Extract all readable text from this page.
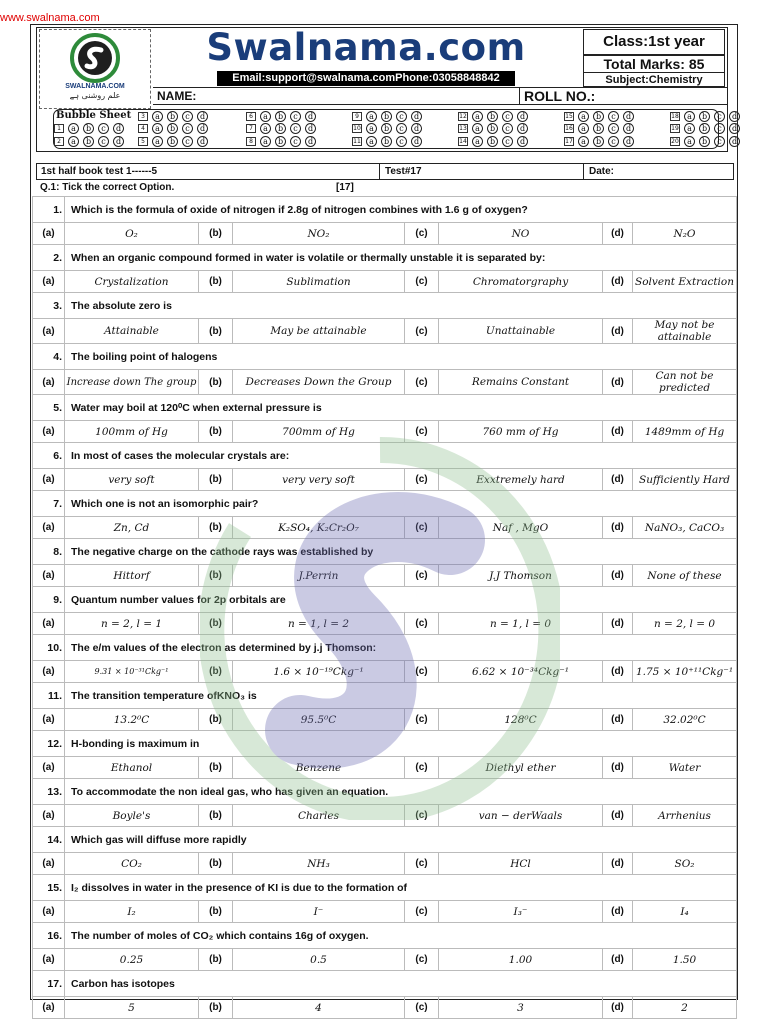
www.swalnama.com
SWALNAMA.COM
علم روشنی ہے
Swalnama.com
Email:support@swalnama.comPhone:03058848842
Class:1st year
Total Marks: 85
Subject:Chemistry
NAME:	ROLL NO.:
Bubble Sheet	3	a	b	c	d	6	a	b	c	d	9	a	b	c	d	12	a	b	c	d	15	a	b	c	d	18	a	b	c	d
1	a	b	c	d	4	a	b	c	d	7	a	b	c	d	10	a	b	c	d	13	a	b	c	d	16	a	b	c	d	19	a	b	c	d
2	a	b	c	d	5	a	b	c	d	8	a	b	c	d	11	a	b	c	d	14	a	b	c	d	17	a	b	c	d	20	a	b	c	d
1st half book test 1------5	Test#17	Date:
Q.1: Tick the correct Option.	[17]
1.	Which is the formula of oxide of nitrogen if 2.8g of nitrogen combines with 1.6 g of oxygen?						
(a)	O₂	(b)	NO₂	(c)	NO	(d)	N₂O
2.	When an organic compound formed in water is volatile or thermally unstable it is separated by:						
(a)	Crystalization	(b)	Sublimation	(c)	Chromatorgraphy	(d)	Solvent Extraction
3.	The absolute zero is						
(a)	Attainable	(b)	May be attainable	(c)	Unattainable	(d)	May not be attainable
4.	The boiling point of halogens						
(a)	Increase down The group	(b)	Decreases Down the Group	(c)	Remains Constant	(d)	Can not be predicted
5.	Water may boil at 120⁰C when external pressure is						
(a)	100mm of Hg	(b)	700mm of Hg	(c)	760 mm of Hg	(d)	1489mm of Hg
6.	In most of cases the molecular crystals are:						
(a)	very soft	(b)	very very soft	(c)	Exxtremely hard	(d)	Sufficiently Hard
7.	Which one is not an isomorphic pair?						
(a)	Zn, Cd	(b)	K₂SO₄, K₂Cr₂O₇	(c)	Naf , MgO	(d)	NaNO₃, CaCO₃
8.	The negative charge on the cathode rays was established by						
(a)	Hittorf	(b)	J.Perrin	(c)	J.J Thomson	(d)	None of these
9.	Quantum number values for 2p orbitals are						
(a)	n = 2, l = 1	(b)	n = 1, l = 2	(c)	n = 1, l = 0	(d)	n = 2, l = 0
10.	The e/m values of the electron as determined by j.j Thomson:						
(a)	9.31 × 10⁻³¹Ckg⁻¹	(b)	1.6 × 10⁻¹⁹Ckg⁻¹	(c)	6.62 × 10⁻³⁴Ckg⁻¹	(d)	1.75 × 10⁺¹¹Ckg⁻¹
11.	The transition temperature ofKNO₃ is						
(a)	13.2⁰C	(b)	95.5⁰C	(c)	128⁰C	(d)	32.02⁰C
12.	H-bonding is maximum in						
(a)	Ethanol	(b)	Benzene	(c)	Diethyl ether	(d)	Water
13.	To accommodate the non ideal gas, who has given an equation.						
(a)	Boyle's	(b)	Charles	(c)	van − derWaals	(d)	Arrhenius
14.	Which gas will diffuse more rapidly						
(a)	CO₂	(b)	NH₃	(c)	HCl	(d)	SO₂
15.	I₂ dissolves in water in the presence of KI is due to the formation of						
(a)	I₂	(b)	I⁻	(c)	I₃⁻	(d)	I₄
16.	The number of moles of CO₂ which contains 16g of oxygen.						
(a)	0.25	(b)	0.5	(c)	1.00	(d)	1.50
17.	Carbon has isotopes						
(a)	5	(b)	4	(c)	3	(d)	2
